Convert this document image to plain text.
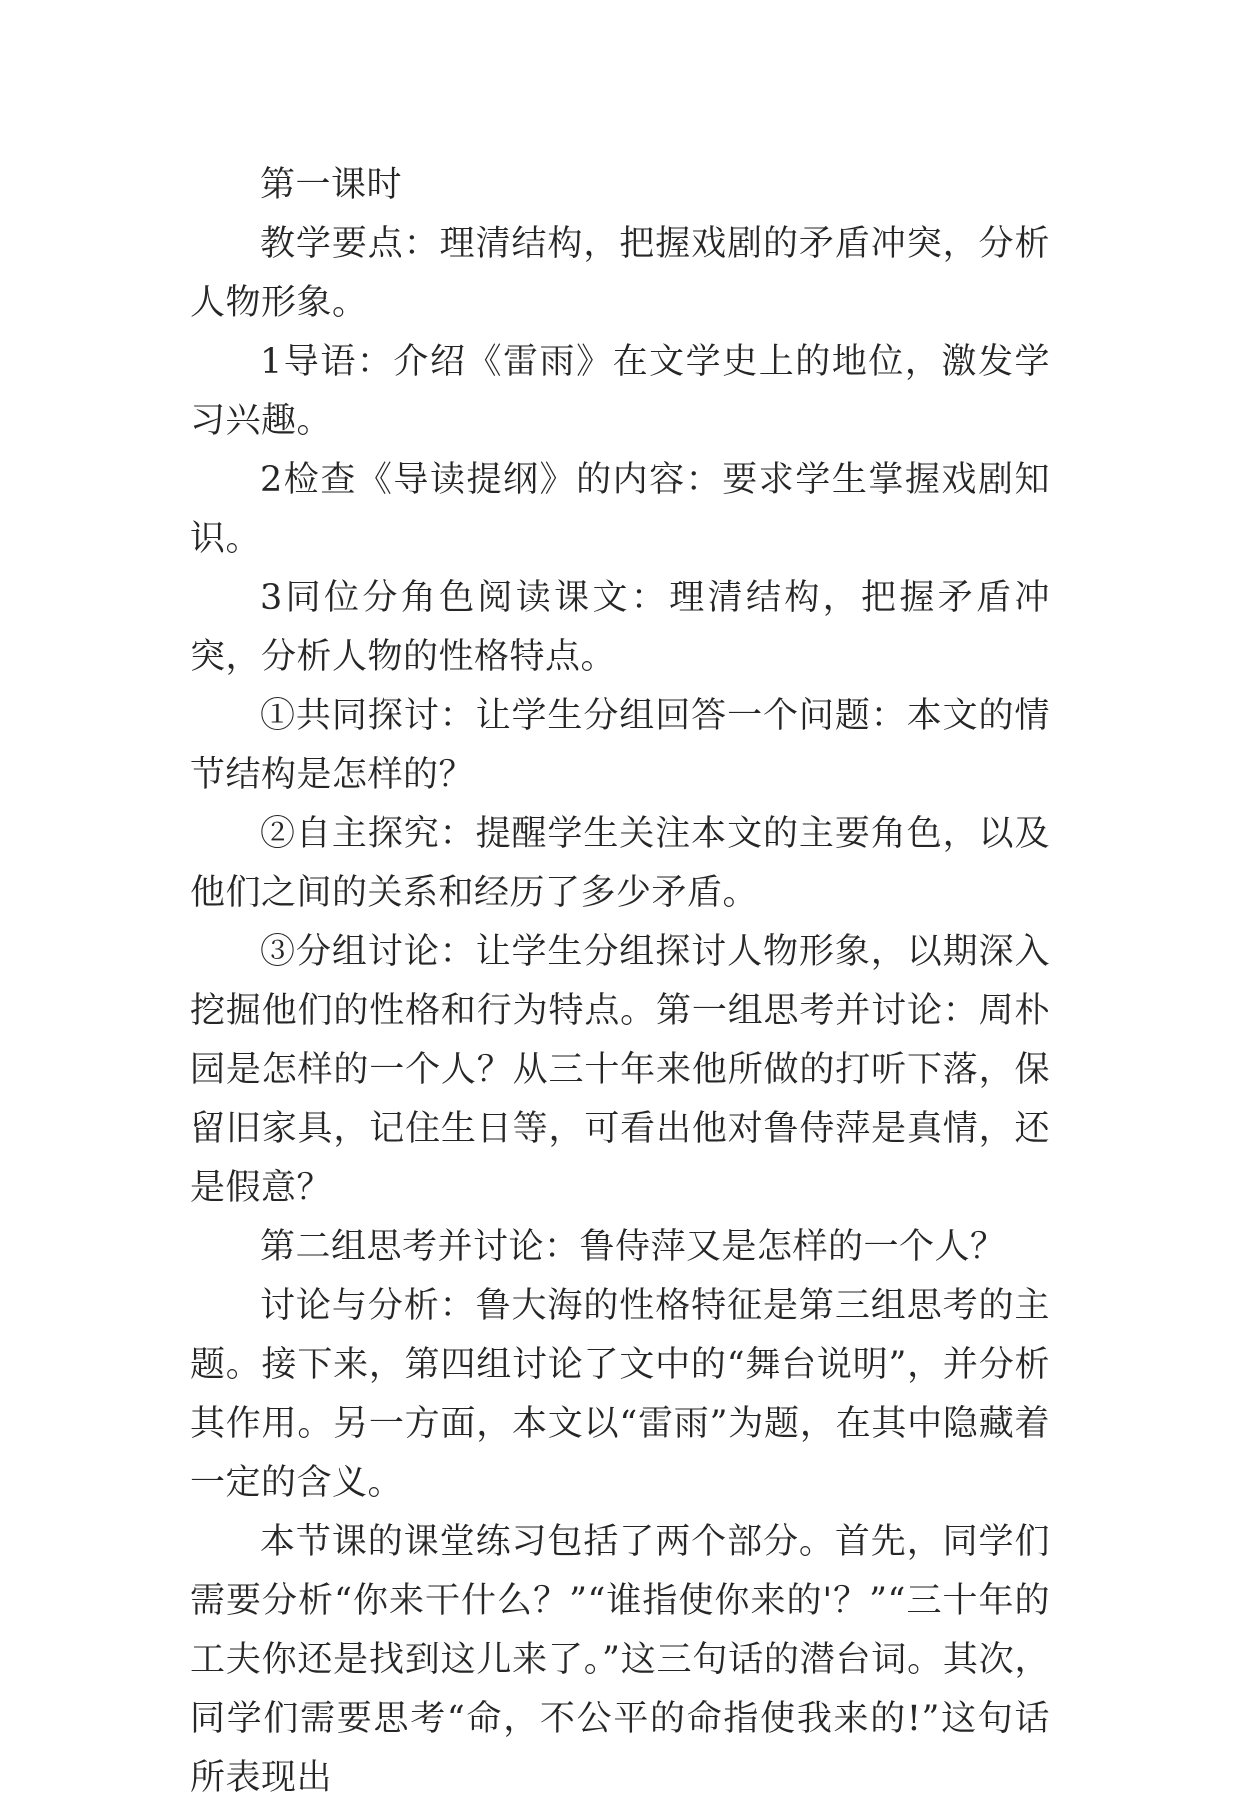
第一课时

教学要点：理清结构，把握戏剧的矛盾冲突，分析人物形象。

1导语：介绍《雷雨》在文学史上的地位，激发学习兴趣。

2检查《导读提纲》的内容：要求学生掌握戏剧知识。

3同位分角色阅读课文：理清结构，把握矛盾冲突，分析人物的性格特点。

①共同探讨：让学生分组回答一个问题：本文的情节结构是怎样的？

②自主探究：提醒学生关注本文的主要角色，以及他们之间的关系和经历了多少矛盾。

③分组讨论：让学生分组探讨人物形象，以期深入挖掘他们的性格和行为特点。第一组思考并讨论：周朴园是怎样的一个人？从三十年来他所做的打听下落，保留旧家具，记住生日等，可看出他对鲁侍萍是真情，还是假意？

第二组思考并讨论：鲁侍萍又是怎样的一个人？

讨论与分析：鲁大海的性格特征是第三组思考的主题。接下来，第四组讨论了文中的“舞台说明”，并分析其作用。另一方面，本文以“雷雨”为题，在其中隐藏着一定的含义。

本节课的课堂练习包括了两个部分。首先，同学们需要分析“你来干什么？”“谁指使你来的'？”“三十年的工夫你还是找到这儿来了。”这三句话的潜台词。其次，同学们需要思考“命，不公平的命指使我来的!”这句话所表现出
